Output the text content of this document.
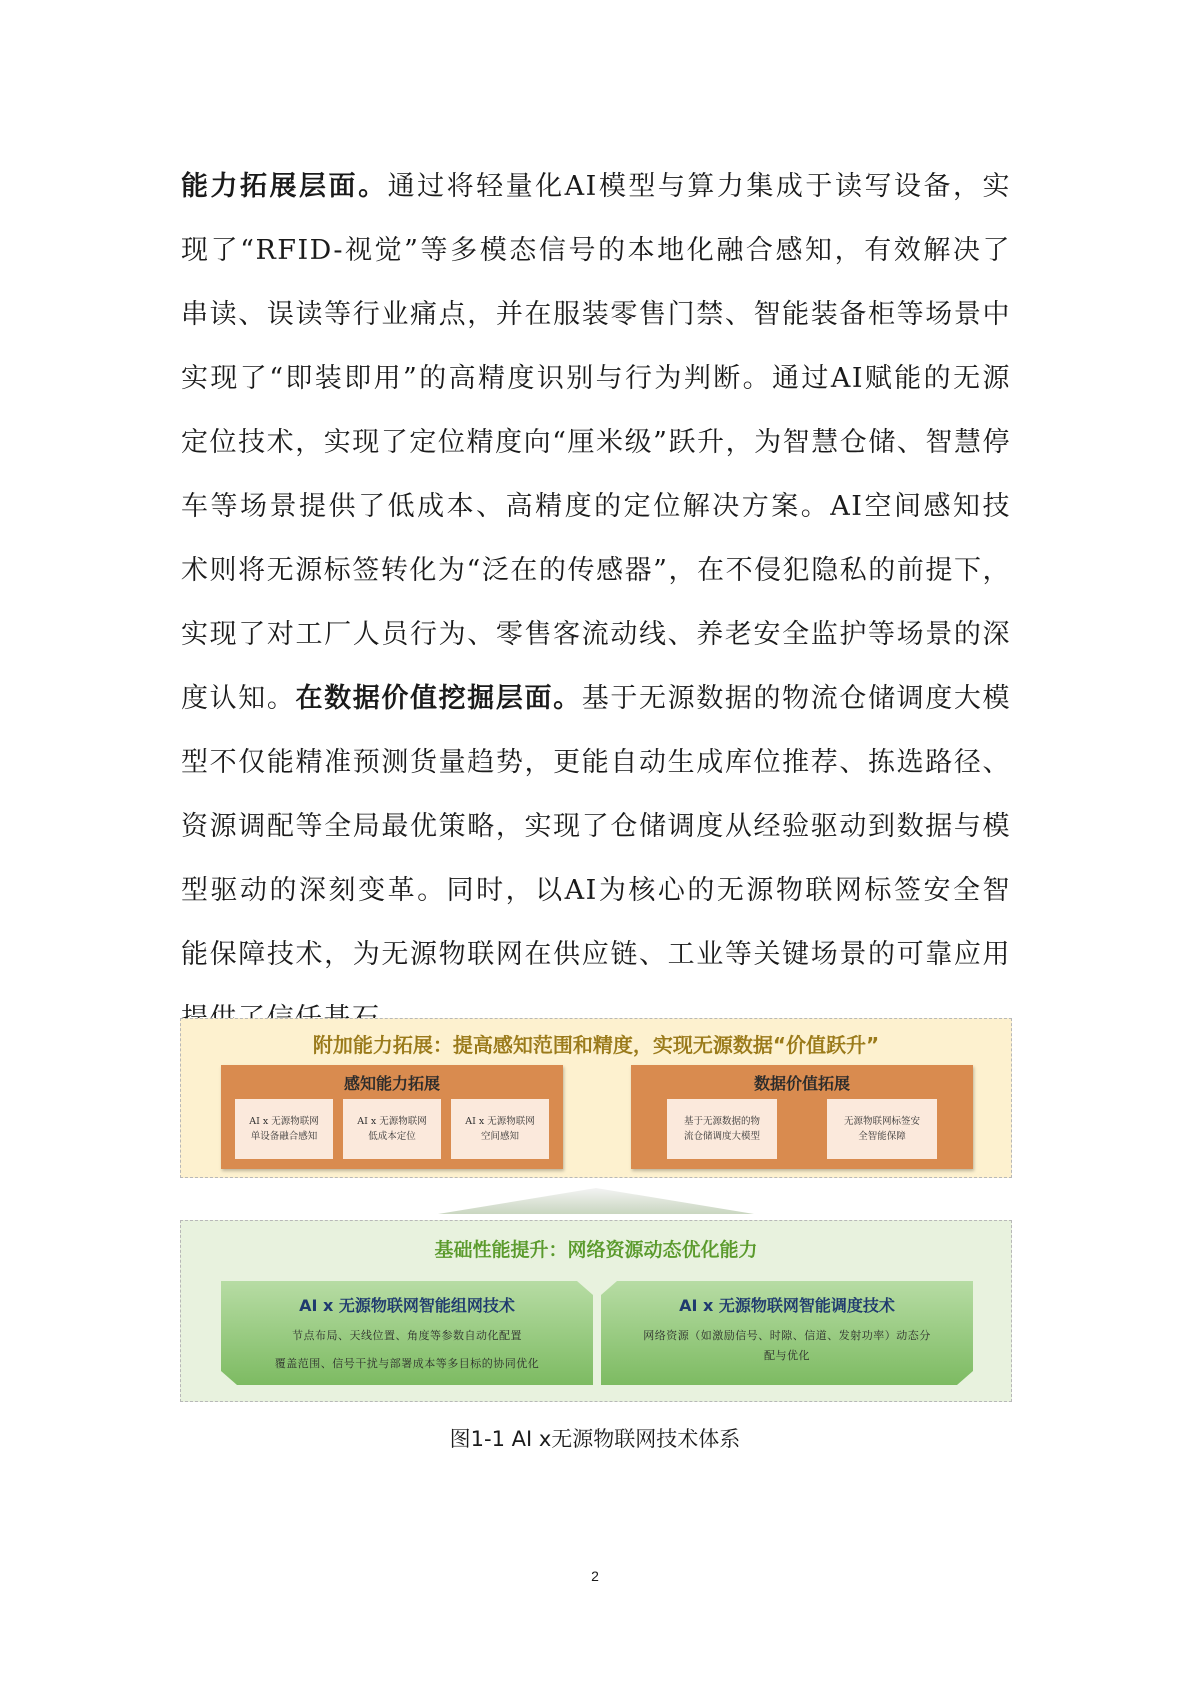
能力拓展层面。通过将轻量化AI模型与算力集成于读写设备，实现了“RFID-视觉”等多模态信号的本地化融合感知，有效解决了串读、误读等行业痛点，并在服装零售门禁、智能装备柜等场景中实现了“即装即用”的高精度识别与行为判断。通过AI赋能的无源定位技术，实现了定位精度向“厘米级”跃升，为智慧仓储、智慧停车等场景提供了低成本、高精度的定位解决方案。AI空间感知技术则将无源标签转化为“泛在的传感器”，在不侵犯隐私的前提下，实现了对工厂人员行为、零售客流动线、养老安全监护等场景的深度认知。在数据价值挖掘层面。基于无源数据的物流仓储调度大模型不仅能精准预测货量趋势，更能自动生成库位推荐、拣选路径、资源调配等全局最优策略，实现了仓储调度从经验驱动到数据与模型驱动的深刻变革。同时，以AI为核心的无源物联网标签安全智能保障技术，为无源物联网在供应链、工业等关键场景的可靠应用

附加能力拓展：提高感知范围和精度，实现无源数据“价值跃升”
感知能力拓展
AI x 无源物联网
单设备融合感知
AI x 无源物联网
低成本定位
AI x 无源物联网
空间感知
数据价值拓展
基于无源数据的物
流仓储调度大模型
无源物联网标签安
全智能保障
基础性能提升：网络资源动态优化能力
AI x 无源物联网智能组网技术
节点布局、天线位置、角度等参数自动化配置
覆盖范围、信号干扰与部署成本等多目标的协同优化
AI x 无源物联网智能调度技术
网络资源（如激励信号、时隙、信道、发射功率）动态分
配与优化
图1-1 AI x无源物联网技术体系
2
